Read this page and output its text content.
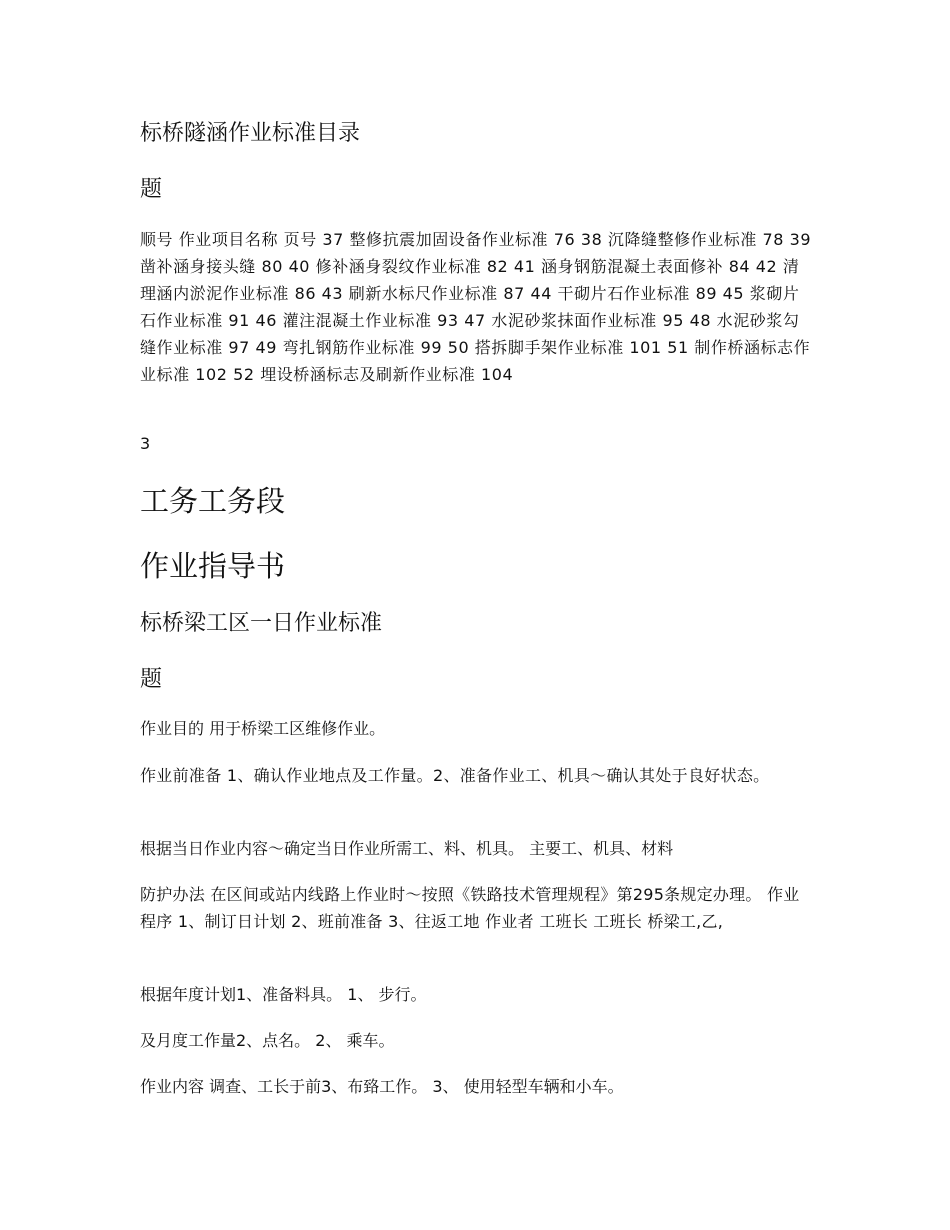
标桥隧涵作业标准目录

题

顺号 作业项目名称 页号 37 整修抗震加固设备作业标准 76 38 沉降缝整修作业标准 78 39 凿补涵身接头缝 80 40 修补涵身裂纹作业标准 82 41 涵身钢筋混凝土表面修补 84 42 清理涵内淤泥作业标准 86 43 刷新水标尺作业标准 87 44 干砌片石作业标准 89 45 浆砌片石作业标准 91 46 灌注混凝土作业标准 93 47 水泥砂浆抹面作业标准 95 48 水泥砂浆勾缝作业标准 97 49 弯扎钢筋作业标准 99 50 搭拆脚手架作业标准 101 51 制作桥涵标志作业标准 102 52 埋设桥涵标志及刷新作业标准 104

3

工务工务段

作业指导书

标桥梁工区一日作业标准

题

作业目的 用于桥梁工区维修作业。

作业前准备 1、确认作业地点及工作量。2、准备作业工、机具～确认其处于良好状态。

根据当日作业内容～确定当日作业所需工、料、机具。 主要工、机具、材料

防护办法 在区间或站内线路上作业时～按照《铁路技术管理规程》第295条规定办理。 作业程序 1、制订日计划 2、班前准备 3、往返工地 作业者 工班长 工班长 桥梁工,乙,

根据年度计划1、准备料具。 1、 步行。

及月度工作量2、点名。 2、 乘车。

作业内容 调查、工长于前3、布臵工作。 3、 使用轻型车辆和小车。
